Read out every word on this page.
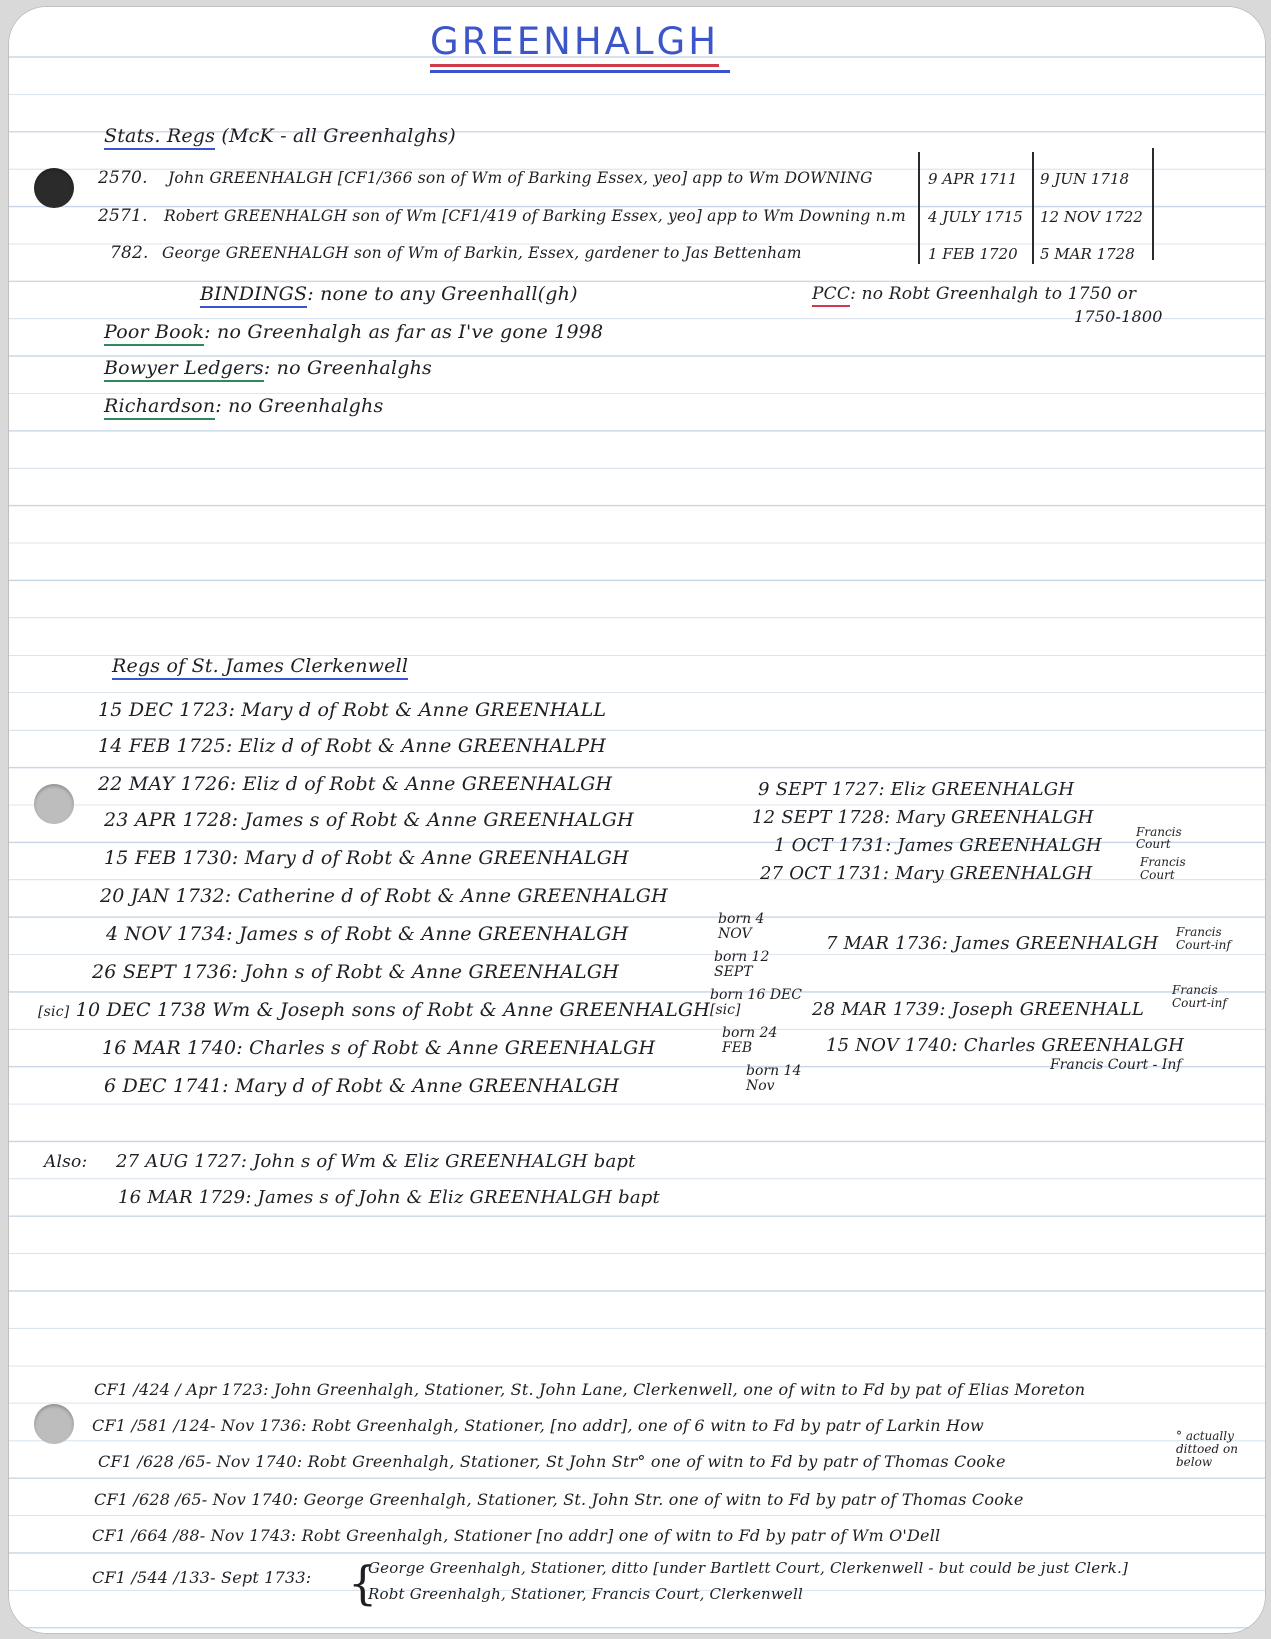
GREENHALGH
Stats. Regs (McK - all Greenhalghs)
2570. John GREENHALGH [CF1/366 son of Wm of Barking Essex, yeo] app to Wm DOWNING	9 APR 1711 9 JUN 1718
2571. Robert GREENHALGH son of Wm [CF1/419 of Barking Essex, yeo] app to Wm Downing n.m 4 JULY 1715 12 NOV 1722
782. George GREENHALGH son of Wm of Barkin, Essex, gardener to Jas Bettenham	1 FEB 1720 5 MAR 1728
BINDINGS: none to any Greenhall(gh)	PCC: no Robt Greenhalgh to 1750 or
1750-1800
Poor Book: no Greenhalgh as far as I've gone 1998
Bowyer Ledgers: no Greenhalghs
Richardson: no Greenhalghs
Regs of St. James Clerkenwell
15 DEC 1723: Mary d of Robt & Anne GREENHALL
14 FEB 1725: Eliz d of Robt & Anne GREENHALPH
22 MAY 1726: Eliz d of Robt & Anne GREENHALGH
23 APR 1728: James s of Robt & Anne GREENHALGH
15 FEB 1730: Mary d of Robt & Anne GREENHALGH
20 JAN 1732: Catherine d of Robt & Anne GREENHALGH
4 NOV 1734: James s of Robt & Anne GREENHALGH
26 SEPT 1736: John s of Robt & Anne GREENHALGH
[sic] 10 DEC 1738 Wm & Joseph sons of Robt & Anne GREENHALGH
16 MAR 1740: Charles s of Robt & Anne GREENHALGH
6 DEC 1741: Mary d of Robt & Anne GREENHALGH
born 4 NOV
born 12 SEPT
born 16 DEC [sic]
born 24 FEB
born 14 Nov
9 SEPT 1727: Eliz GREENHALGH
12 SEPT 1728: Mary GREENHALGH
1 OCT 1731: James GREENHALGH
27 OCT 1731: Mary GREENHALGH
7 MAR 1736: James GREENHALGH
28 MAR 1739: Joseph GREENHALL
15 NOV 1740: Charles GREENHALGH
Francis Court
Francis Court
Francis Court-inf
Francis Court-inf
Francis Court - Inf
Also: 27 AUG 1727: John s of Wm & Eliz GREENHALGH bapt
16 MAR 1729: James s of John & Eliz GREENHALGH bapt
CF1 /424 / Apr 1723: John Greenhalgh, Stationer, St. John Lane, Clerkenwell, one of witn to Fd by pat of Elias Moreton
CF1 /581 /124- Nov 1736: Robt Greenhalgh, Stationer, [no addr], one of 6 witn to Fd by patr of Larkin How
CF1 /628 /65- Nov 1740: Robt Greenhalgh, Stationer, St John Str° one of witn to Fd by patr of Thomas Cooke
CF1 /628 /65- Nov 1740: George Greenhalgh, Stationer, St. John Str. one of witn to Fd by patr of Thomas Cooke
CF1 /664 /88- Nov 1743: Robt Greenhalgh, Stationer [no addr] one of witn to Fd by patr of Wm O'Dell
CF1 /544 /133- Sept 1733:
° actually dittoed on below
{
George Greenhalgh, Stationer, ditto [under Bartlett Court, Clerkenwell - but could be just Clerk.]
Robt Greenhalgh, Stationer, Francis Court, Clerkenwell
